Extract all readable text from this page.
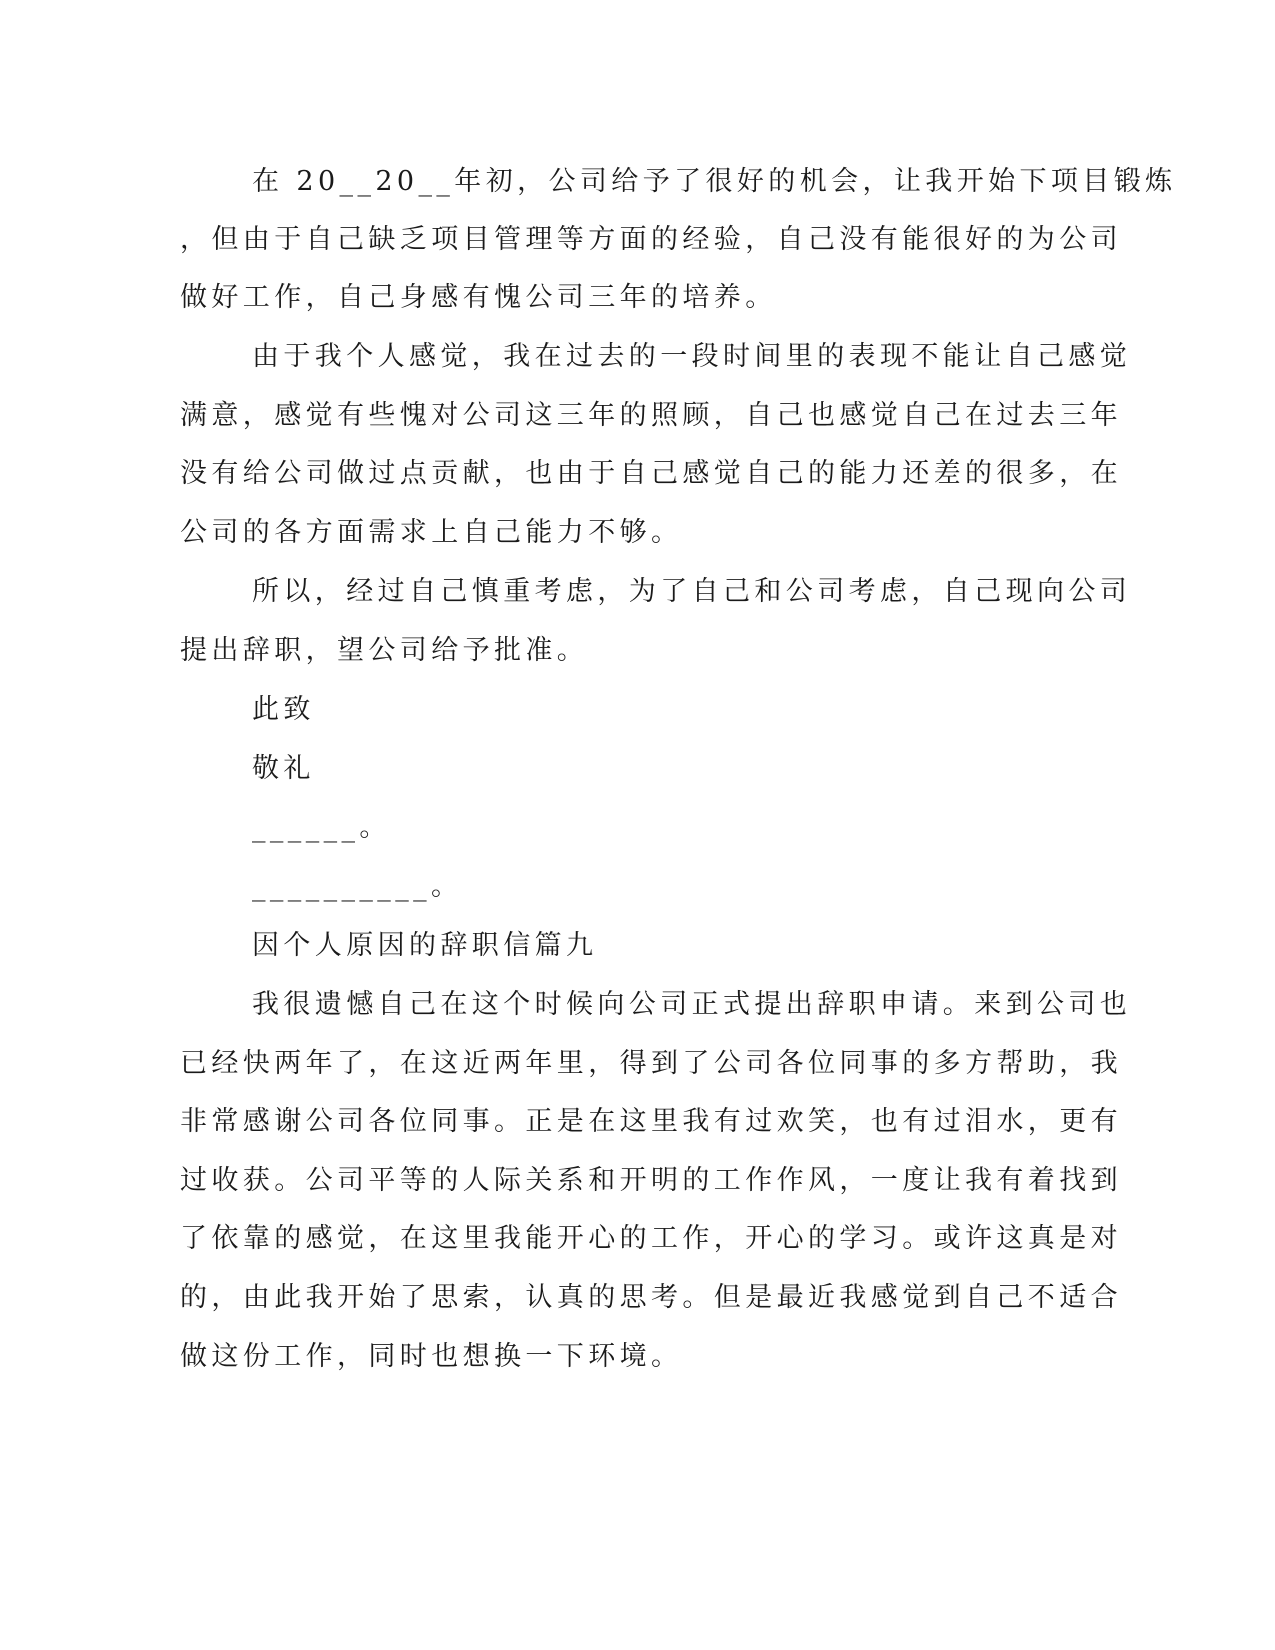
在 20__20__年初，公司给予了很好的机会，让我开始下项目锻炼
，但由于自己缺乏项目管理等方面的经验，自己没有能很好的为公司
做好工作，自己身感有愧公司三年的培养。
由于我个人感觉，我在过去的一段时间里的表现不能让自己感觉
满意，感觉有些愧对公司这三年的照顾，自己也感觉自己在过去三年
没有给公司做过点贡献，也由于自己感觉自己的能力还差的很多，在
公司的各方面需求上自己能力不够。
所以，经过自己慎重考虑，为了自己和公司考虑，自己现向公司
提出辞职，望公司给予批准。
此致
敬礼
______。
__________。
因个人原因的辞职信篇九
我很遗憾自己在这个时候向公司正式提出辞职申请。来到公司也
已经快两年了，在这近两年里，得到了公司各位同事的多方帮助，我
非常感谢公司各位同事。正是在这里我有过欢笑，也有过泪水，更有
过收获。公司平等的人际关系和开明的工作作风，一度让我有着找到
了依靠的感觉，在这里我能开心的工作，开心的学习。或许这真是对
的，由此我开始了思索，认真的思考。但是最近我感觉到自己不适合
做这份工作，同时也想换一下环境。
